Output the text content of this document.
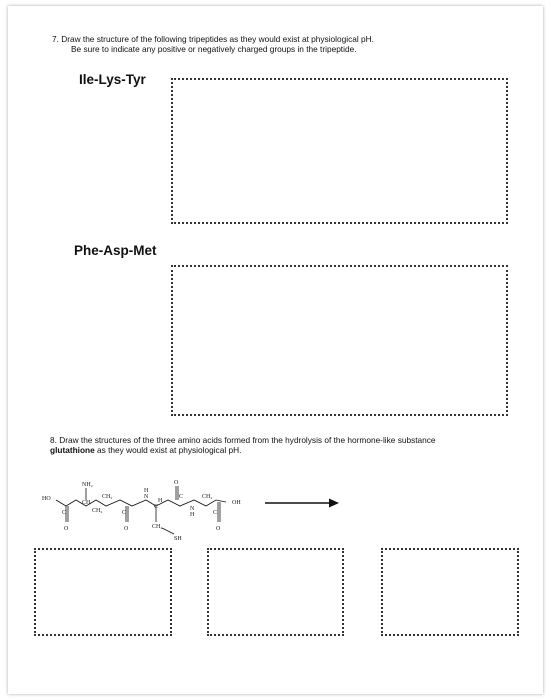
7. Draw the structure of the following tripeptides as they would exist at physiological pH.
Be sure to indicate any positive or negatively charged groups in the tripeptide.
Ile-Lys-Tyr
Phe-Asp-Met
8. Draw the structures of the three amino acids formed from the hydrolysis of the hormone-like substance
glutathione as they would exist at physiological pH.
HO
NH₂
CH
CH₂
CH₂
N
H
C
H
N
H
CH₂
OH
CH₂
SH
O	O
O
O
C	C
C
C
